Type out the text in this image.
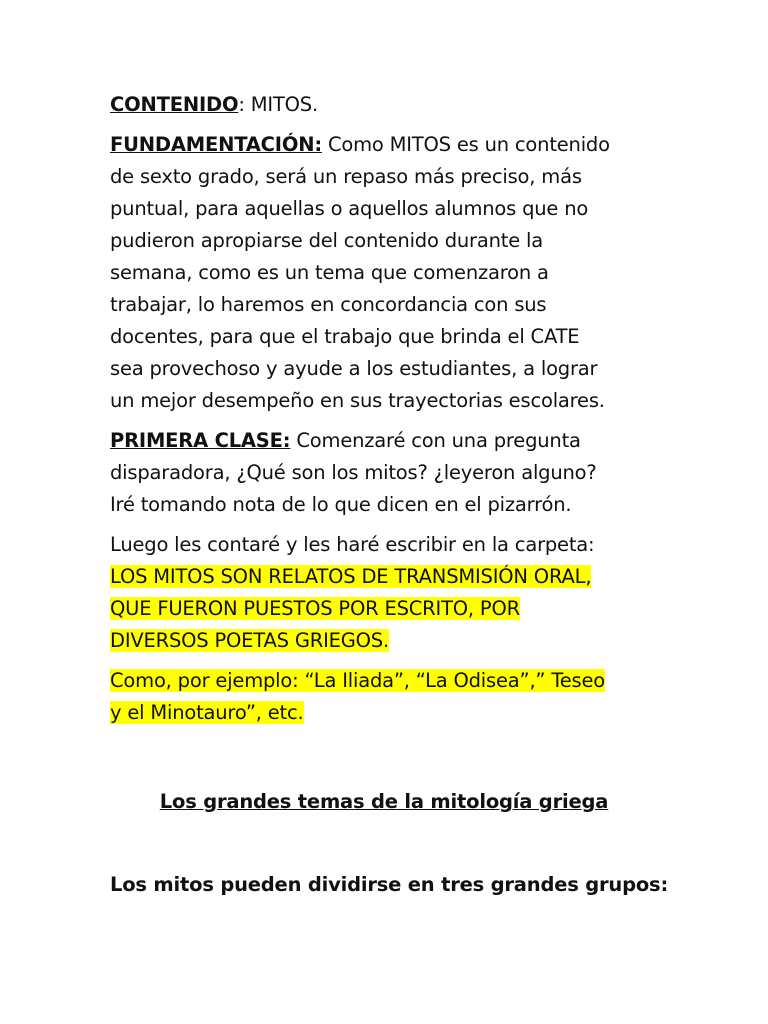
CONTENIDO: MITOS.

FUNDAMENTACIÓN: Como MITOS es un contenido
de sexto grado, será un repaso más preciso, más
puntual, para aquellas o aquellos alumnos que no
pudieron apropiarse del contenido durante la
semana, como es un tema que comenzaron a
trabajar, lo haremos en concordancia con sus
docentes, para que el trabajo que brinda el CATE
sea provechoso y ayude a los estudiantes, a lograr
un mejor desempeño en sus trayectorias escolares.

PRIMERA CLASE: Comenzaré con una pregunta
disparadora, ¿Qué son los mitos? ¿leyeron alguno?
Iré tomando nota de lo que dicen en el pizarrón.

Luego les contaré y les haré escribir en la carpeta:
LOS MITOS SON RELATOS DE TRANSMISIÓN ORAL,
QUE FUERON PUESTOS POR ESCRITO, POR
DIVERSOS POETAS GRIEGOS.

Como, por ejemplo: “La Iliada”, “La Odisea”,” Teseo
y el Minotauro”, etc.

Los grandes temas de la mitología griega
Los mitos pueden dividirse en tres grandes grupos:
